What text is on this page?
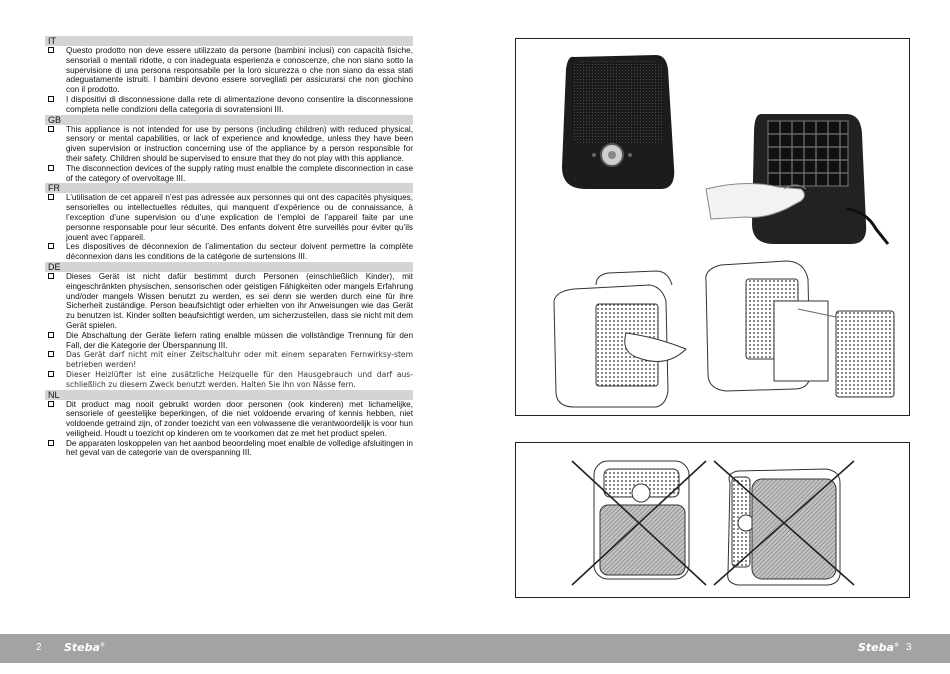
IT
Questo prodotto non deve essere utilizzato da persone (bambini inclusi) con capacità fisiche, sensoriali o mentali ridotte, o con inadeguata esperienza e conoscenze, che non siano sotto la supervisione di una persona responsabile per la loro sicurezza o che non siano da essa stati adeguatamente istruiti. I bambini devono essere sorvegliati per assicurarsi che non giochino con il prodotto.
I dispositivi di disconnessione dalla rete di alimentazione devono consentire la disconnessione completa nelle condizioni della categoria di sovratensioni III.
GB
This appliance is not intended for use by persons (including children) with reduced physical, sensory or mental capabilities, or lack of experience and knowledge, unless they have been given supervision or instruction concerning use of the appliance by a person responsible for their safety. Children should be supervised to ensure that they do not play with this appliance.
The disconnection devices of the supply rating must enalble the complete disconnection in case of the category of overvoltage III.
FR
L’utilisation de cet appareil n’est pas adressée aux personnes qui ont des capacités physiques, sensorielles ou intellectuelles réduites, qui manquent d’expérience ou de connaissance, à l’exception d’une supervision ou d’une explication de l’emploi de l’appareil faite par une personne responsable pour leur sécurité. Des enfants doivent être surveillés pour éviter qu’ils jouent avec l’appareil.
Les dispositives de déconnexion de l’alimentation du secteur doivent permettre la complète déconnexion dans les conditions de la catégorie de surtensions III.
DE
Dieses Gerät ist nicht dafür bestimmt durch Personen (einschließlich Kinder), mit eingeschränkten physischen, sensorischen oder geistigen Fähigkeiten oder mangels Erfahrung und/oder mangels Wissen benutzt zu werden, es sei denn sie werden durch eine für ihre Sicherheit zuständige. Person beaufsichtigt oder erhielten von ihr Anweisungen wie das Gerät zu benutzen ist. Kinder sollten beaufsichtigt werden, um sicherzustellen, dass sie nicht mit dem Gerät spielen.
Die Abschaltung der Geräte liefern rating enalble müssen die vollständige Trennung für den Fall, der die Kategorie der Überspannung III.
Das Gerät darf nicht mit einer Zeitschaltuhr oder mit einem separaten Fernwirksy-stem betrieben werden!
Dieser Heizlüfter ist eine zusätzliche Heizquelle für den Hausgebrauch und darf aus-schließlich zu diesem Zweck benutzt werden. Halten Sie ihn von Nässe fern.
NL
Dit product mag nooit gebruikt worden door personen (ook kinderen) met lichamelijke, sensoriele of geestelijke beperkingen, of die niet voldoende ervaring of kennis hebben, niet voldoende getraind zijn, of zonder toezicht van een volwassene die verantwoordelijk is voor hun veiligheid. Houdt u toezicht op kinderen om te voorkomen dat ze met het product spelen.
De apparaten loskoppelen van het aanbod beoordeling moet enalble de volledige afsluitingen in het geval van de categorie van de overspanning III.
2 Steba®	Steba® 3
